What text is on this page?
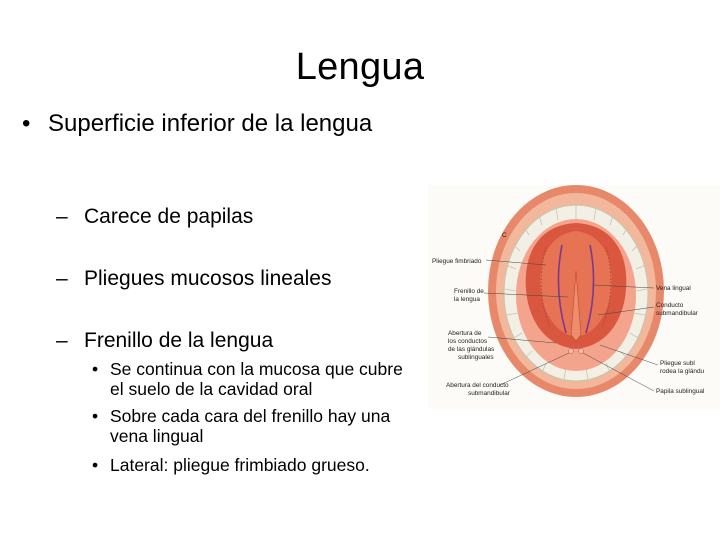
Lengua
• Superficie inferior de la lengua
– Carece de papilas
– Pliegues mucosos lineales
– Frenillo de la lengua
• Se continua con la mucosa que cubre el suelo de la cavidad oral
• Sobre cada cara del frenillo hay una vena lingual
• Lateral: pliegue frimbiado grueso.
C
Pliegue fimbriado
Frenillo de
la lengua
Abertura de
los conductos
de las glándulas
sublinguales
Abertura del conducto
submandibular
Vena lingual
Conducto
submandibular
Pliegue subl
rodea la glándu
Papila sublingual
